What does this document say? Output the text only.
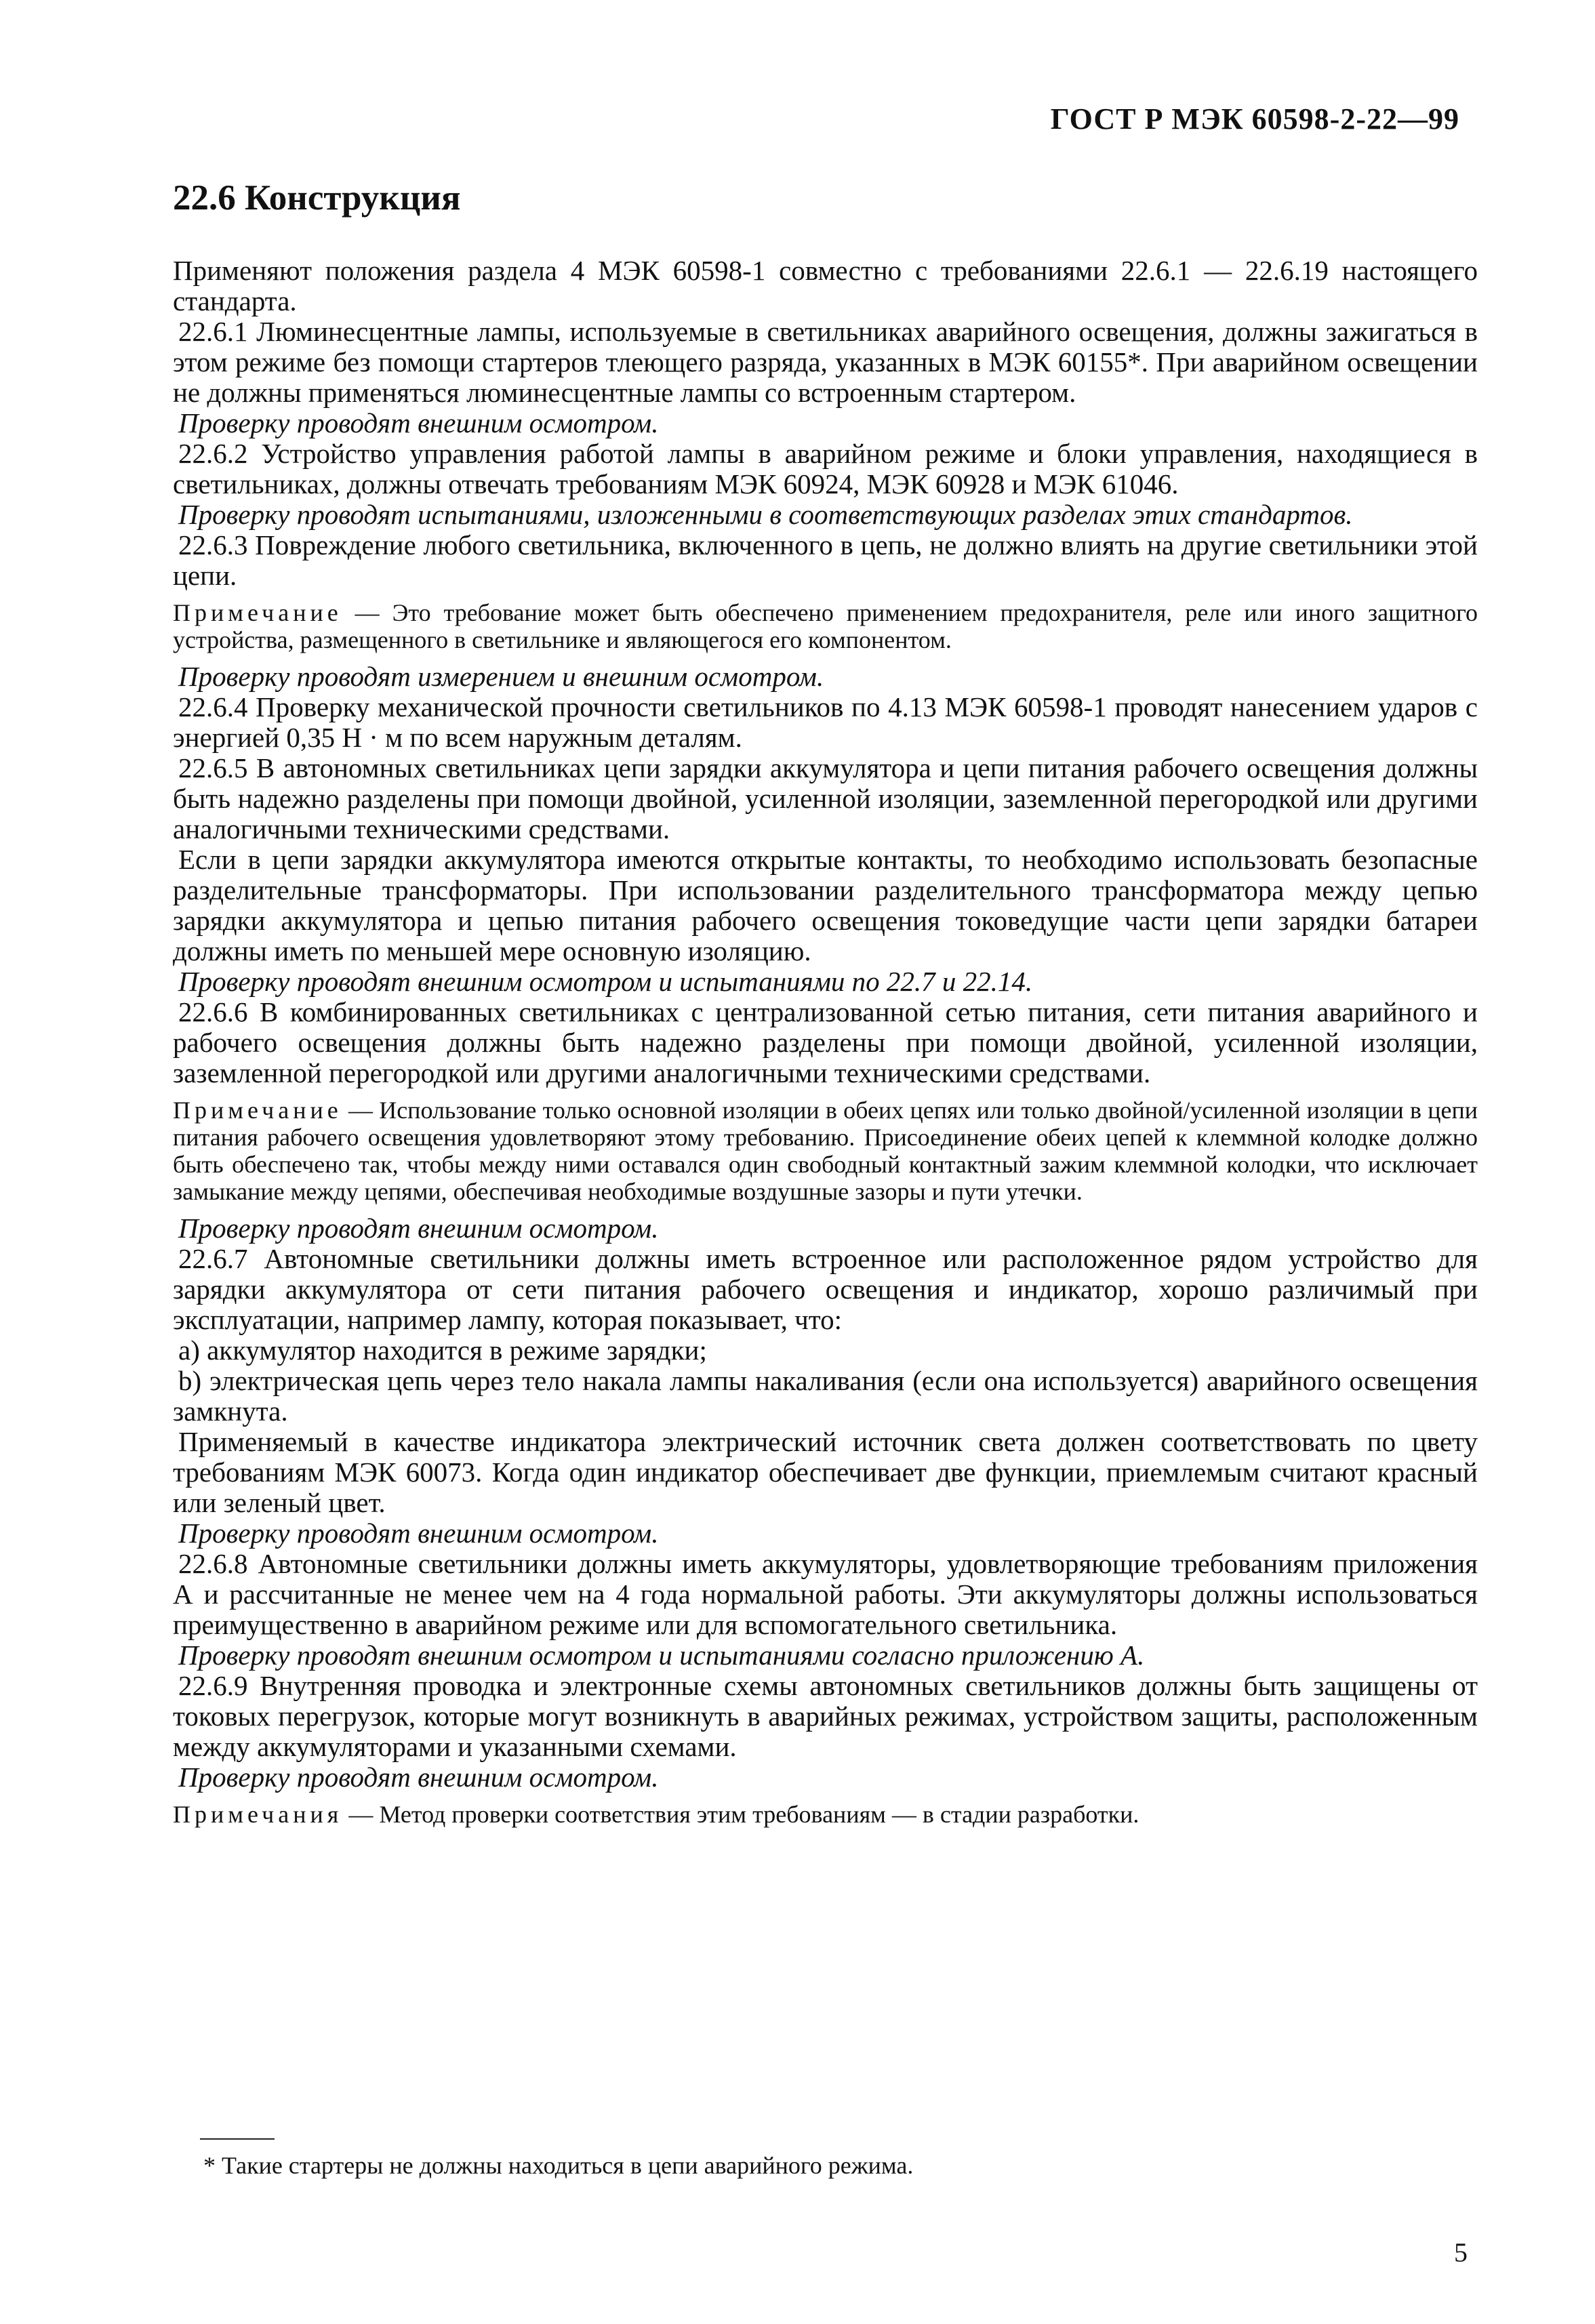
ГОСТ Р МЭК 60598-2-22—99
22.6 Конструкция

Применяют положения раздела 4 МЭК 60598-1 совместно с требованиями 22.6.1 — 22.6.19 настоящего стандарта.

22.6.1 Люминесцентные лампы, используемые в светильниках аварийного освещения, должны зажигаться в этом режиме без помощи стартеров тлеющего разряда, указанных в МЭК 60155*. При аварийном освещении не должны применяться люминесцентные лампы со встроенным стартером.

Проверку проводят внешним осмотром.

22.6.2 Устройство управления работой лампы в аварийном режиме и блоки управления, находящиеся в светильниках, должны отвечать требованиям МЭК 60924, МЭК 60928 и МЭК 61046.

Проверку проводят испытаниями, изложенными в соответствующих разделах этих стандартов.

22.6.3 Повреждение любого светильника, включенного в цепь, не должно влиять на другие светильники этой цепи.

Примечание — Это требование может быть обеспечено применением предохранителя, реле или иного защитного устройства, размещенного в светильнике и являющегося его компонентом.

Проверку проводят измерением и внешним осмотром.

22.6.4 Проверку механической прочности светильников по 4.13 МЭК 60598-1 проводят нанесением ударов с энергией 0,35 Н · м по всем наружным деталям.

22.6.5 В автономных светильниках цепи зарядки аккумулятора и цепи питания рабочего освещения должны быть надежно разделены при помощи двойной, усиленной изоляции, заземленной перегородкой или другими аналогичными техническими средствами.

Если в цепи зарядки аккумулятора имеются открытые контакты, то необходимо использовать безопасные разделительные трансформаторы. При использовании разделительного трансформатора между цепью зарядки аккумулятора и цепью питания рабочего освещения токоведущие части цепи зарядки батареи должны иметь по меньшей мере основную изоляцию.

Проверку проводят внешним осмотром и испытаниями по 22.7 и 22.14.

22.6.6 В комбинированных светильниках с централизованной сетью питания, сети питания аварийного и рабочего освещения должны быть надежно разделены при помощи двойной, усиленной изоляции, заземленной перегородкой или другими аналогичными техническими средствами.

Примечание — Использование только основной изоляции в обеих цепях или только двойной/усиленной изоляции в цепи питания рабочего освещения удовлетворяют этому требованию. Присоединение обеих цепей к клеммной колодке должно быть обеспечено так, чтобы между ними оставался один свободный контактный зажим клеммной колодки, что исключает замыкание между цепями, обеспечивая необходимые воздушные зазоры и пути утечки.

Проверку проводят внешним осмотром.

22.6.7 Автономные светильники должны иметь встроенное или расположенное рядом устройство для зарядки аккумулятора от сети питания рабочего освещения и индикатор, хорошо различимый при эксплуатации, например лампу, которая показывает, что:

a) аккумулятор находится в режиме зарядки;

b) электрическая цепь через тело накала лампы накаливания (если она используется) аварийного освещения замкнута.

Применяемый в качестве индикатора электрический источник света должен соответствовать по цвету требованиям МЭК 60073. Когда один индикатор обеспечивает две функции, приемлемым считают красный или зеленый цвет.

Проверку проводят внешним осмотром.

22.6.8 Автономные светильники должны иметь аккумуляторы, удовлетворяющие требованиям приложения А и рассчитанные не менее чем на 4 года нормальной работы. Эти аккумуляторы должны использоваться преимущественно в аварийном режиме или для вспомогательного светильника.

Проверку проводят внешним осмотром и испытаниями согласно приложению А.

22.6.9 Внутренняя проводка и электронные схемы автономных светильников должны быть защищены от токовых перегрузок, которые могут возникнуть в аварийных режимах, устройством защиты, расположенным между аккумуляторами и указанными схемами.

Проверку проводят внешним осмотром.

Примечания — Метод проверки соответствия этим требованиям — в стадии разработки.

* Такие стартеры не должны находиться в цепи аварийного режима.
5
